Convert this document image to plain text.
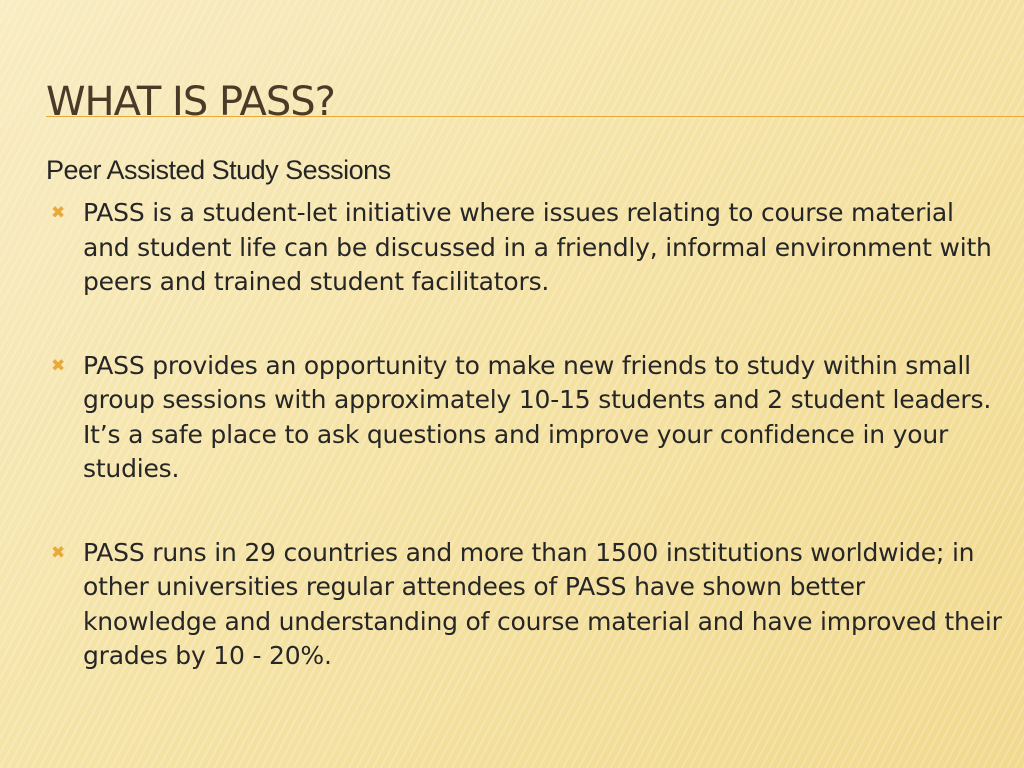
WHAT IS PASS?

Peer Assisted Study Sessions

✖ PASS is a student-let initiative where issues relating to course material and student life can be discussed in a friendly, informal environment with peers and trained student facilitators.
✖ PASS provides an opportunity to make new friends to study within small group sessions with approximately 10-15 students and 2 student leaders. It’s a safe place to ask questions and improve your confidence in your studies.
✖ PASS runs in 29 countries and more than 1500 institutions worldwide; in other universities regular attendees of PASS have shown better knowledge and understanding of course material and have improved their grades by 10 - 20%.
